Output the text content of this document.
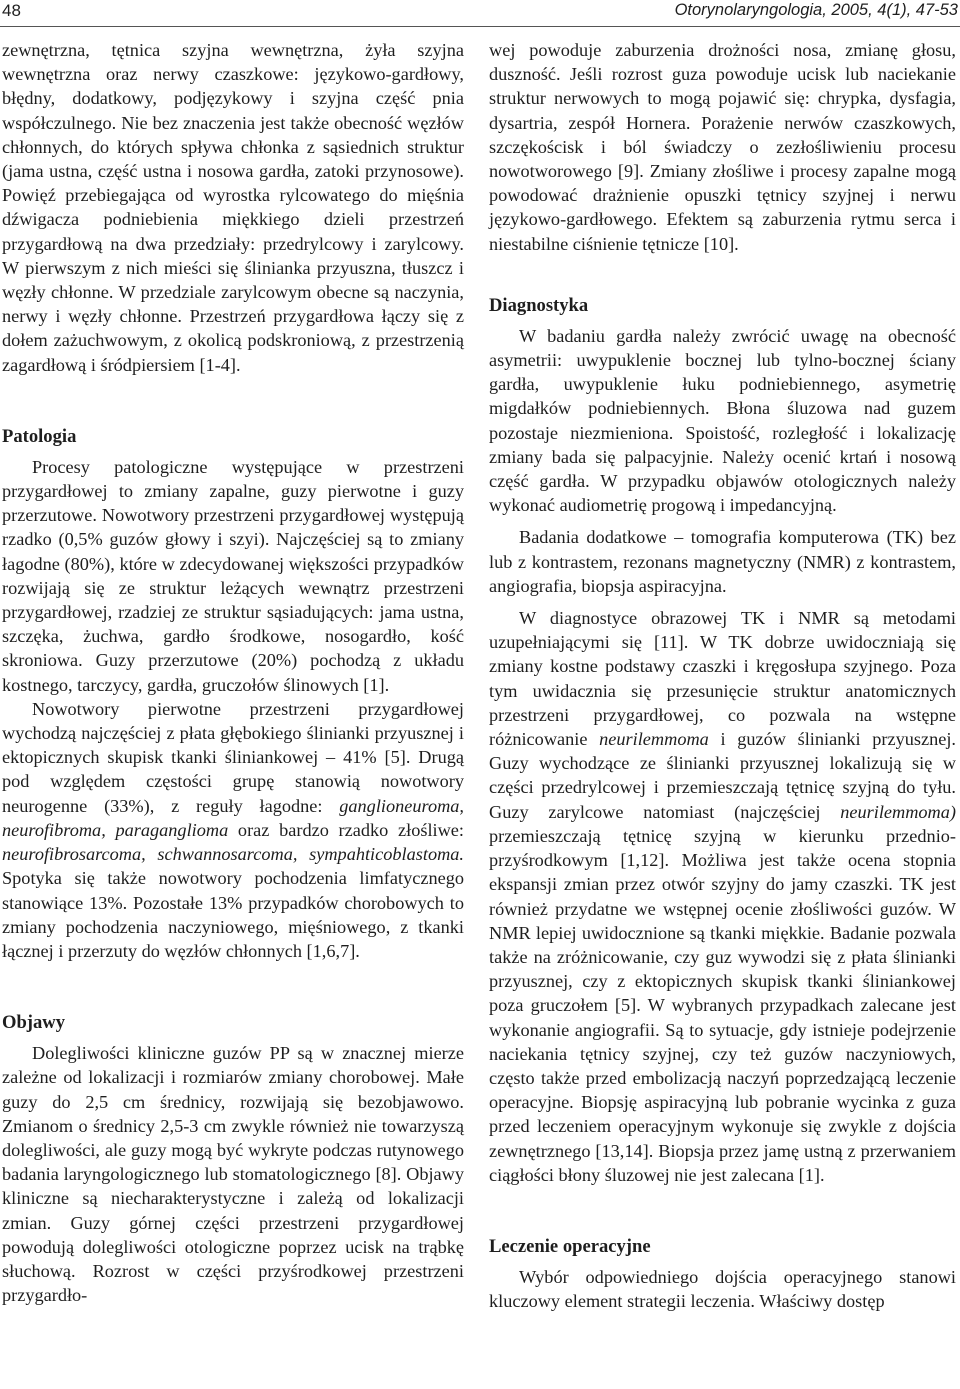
48	Otorynolaryngologia, 2005, 4(1), 47-53

zewnętrzna, tętnica szyjna wewnętrzna, żyła szyjna wewnętrzna oraz nerwy czaszkowe: językowo-gardłowy, błędny, dodatkowy, podjęzykowy i szyjna część pnia współczulnego. Nie bez znaczenia jest także obecność węzłów chłonnych, do których spływa chłonka z sąsiednich struktur (jama ustna, część ustna i nosowa gardła, zatoki przynosowe). Powięź przebiegająca od wyrostka rylcowatego do mięśnia dźwigacza podniebienia miękkiego dzieli przestrzeń przygardłową na dwa przedziały: przedrylcowy i zarylcowy. W pierwszym z nich mieści się ślinianka przyuszna, tłuszcz i węzły chłonne. W przedziale zarylcowym obecne są naczynia, nerwy i węzły chłonne. Przestrzeń przygardłowa łączy się z dołem zażuchwowym, z okolicą podskroniową, z przestrzenią zagardłową i śródpiersiem [1-4].

Patologia

Procesy patologiczne występujące w przestrzeni przygardłowej to zmiany zapalne, guzy pierwotne i guzy przerzutowe. Nowotwory przestrzeni przygardłowej występują rzadko (0,5% guzów głowy i szyi). Najczęściej są to zmiany łagodne (80%), które w zdecydowanej większości przypadków rozwijają się ze struktur leżących wewnątrz przestrzeni przygardłowej, rzadziej ze struktur sąsiadujących: jama ustna, szczęka, żuchwa, gardło środkowe, nosogardło, kość skroniowa. Guzy przerzutowe (20%) pochodzą z układu kostnego, tarczycy, gardła, gruczołów ślinowych [1].

Nowotwory pierwotne przestrzeni przygardłowej wychodzą najczęściej z płata głębokiego ślinianki przyusznej i ektopicznych skupisk tkanki śliniankowej – 41% [5]. Drugą pod względem częstości grupę stanowią nowotwory neurogenne (33%), z reguły łagodne: ganglioneuroma, neurofibroma, paraganglioma oraz bardzo rzadko złośliwe: neurofibrosarcoma, schwannosarcoma, sympahticoblastoma. Spotyka się także nowotwory pochodzenia limfatycznego stanowiące 13%. Pozostałe 13% przypadków chorobowych to zmiany pochodzenia naczyniowego, mięśniowego, z tkanki łącznej i przerzuty do węzłów chłonnych [1,6,7].

Objawy

Dolegliwości kliniczne guzów PP są w znacznej mierze zależne od lokalizacji i rozmiarów zmiany chorobowej. Małe guzy do 2,5 cm średnicy, rozwijają się bezobjawowo. Zmianom o średnicy 2,5-3 cm zwykle również nie towarzyszą dolegliwości, ale guzy mogą być wykryte podczas rutynowego badania laryngologicznego lub stomatologicznego [8]. Objawy kliniczne są niecharakterystyczne i zależą od lokalizacji zmian. Guzy górnej części przestrzeni przygardłowej powodują dolegliwości otologiczne poprzez ucisk na trąbkę słuchową. Rozrost w części przyśrodkowej przestrzeni przygardło-

wej powoduje zaburzenia drożności nosa, zmianę głosu, duszność. Jeśli rozrost guza powoduje ucisk lub naciekanie struktur nerwowych to mogą pojawić się: chrypka, dysfagia, dysartria, zespół Hornera. Porażenie nerwów czaszkowych, szczękościsk i ból świadczy o zezłośliwieniu procesu nowotworowego [9]. Zmiany złośliwe i procesy zapalne mogą powodować drażnienie opuszki tętnicy szyjnej i nerwu językowo-gardłowego. Efektem są zaburzenia rytmu serca i niestabilne ciśnienie tętnicze [10].

Diagnostyka

W badaniu gardła należy zwrócić uwagę na obecność asymetrii: uwypuklenie bocznej lub tylno-bocznej ściany gardła, uwypuklenie łuku podniebiennego, asymetrię migdałków podniebiennych. Błona śluzowa nad guzem pozostaje niezmieniona. Spoistość, rozległość i lokalizację zmiany bada się palpacyjnie. Należy ocenić krtań i nosową część gardła. W przypadku objawów otologicznych należy wykonać audiometrię progową i impedancyjną.

Badania dodatkowe – tomografia komputerowa (TK) bez lub z kontrastem, rezonans magnetyczny (NMR) z kontrastem, angiografia, biopsja aspiracyjna.

W diagnostyce obrazowej TK i NMR są metodami uzupełniającymi się [11]. W TK dobrze uwidoczniają się zmiany kostne podstawy czaszki i kręgosłupa szyjnego. Poza tym uwidacznia się przesunięcie struktur anatomicznych przestrzeni przygardłowej, co pozwala na wstępne różnicowanie neurilemmoma i guzów ślinianki przyusznej. Guzy wychodzące ze ślinianki przyusznej lokalizują się w części przedrylcowej i przemieszczają tętnicę szyjną do tyłu. Guzy zarylcowe natomiast (najczęściej neurilemmoma) przemieszczają tętnicę szyjną w kierunku przednio-przyśrodkowym [1,12]. Możliwa jest także ocena stopnia ekspansji zmian przez otwór szyjny do jamy czaszki. TK jest również przydatne we wstępnej ocenie złośliwości guzów. W NMR lepiej uwidocznione są tkanki miękkie. Badanie pozwala także na zróżnicowanie, czy guz wywodzi się z płata ślinianki przyusznej, czy z ektopicznych skupisk tkanki śliniankowej poza gruczołem [5]. W wybranych przypadkach zalecane jest wykonanie angiografii. Są to sytuacje, gdy istnieje podejrzenie naciekania tętnicy szyjnej, czy też guzów naczyniowych, często także przed embolizacją naczyń poprzedzającą leczenie operacyjne. Biopsję aspiracyjną lub pobranie wycinka z guza przed leczeniem operacyjnym wykonuje się zwykle z dojścia zewnętrznego [13,14]. Biopsja przez jamę ustną z przerwaniem ciągłości błony śluzowej nie jest zalecana [1].

Leczenie operacyjne

Wybór odpowiedniego dojścia operacyjnego stanowi kluczowy element strategii leczenia. Właściwy dostęp
